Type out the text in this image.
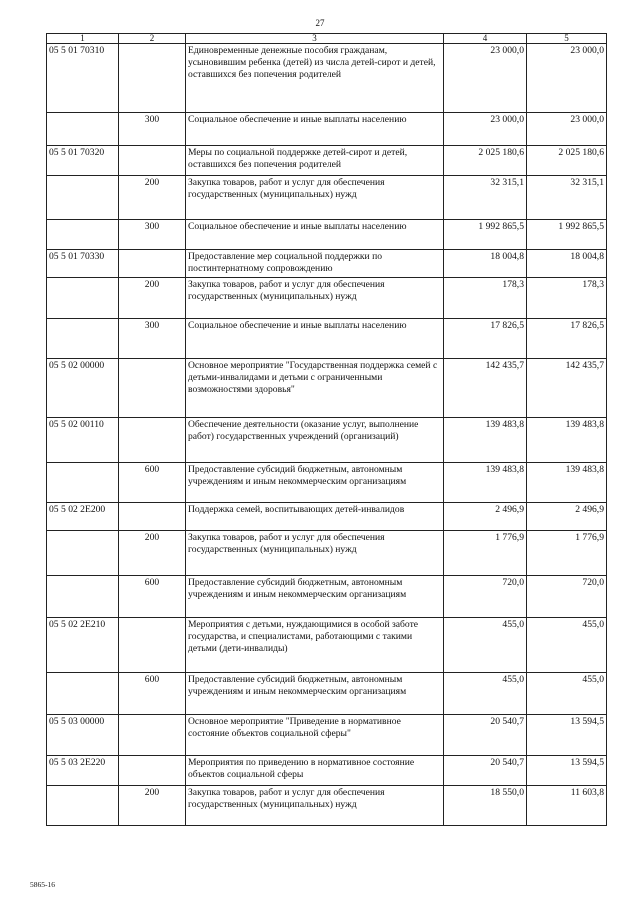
27
1	2	3	4	5
05 5 01 70310		Единовременные денежные пособия гражданам, усыновившим ребенка (детей) из числа детей-сирот и детей, оставшихся без попечения родителей	23 000,0	23 000,0
	300	Социальное обеспечение и иные выплаты населению	23 000,0	23 000,0
05 5 01 70320		Меры по социальной поддержке детей-сирот и детей, оставшихся без попечения родителей	2 025 180,6	2 025 180,6
	200	Закупка товаров, работ и услуг для обеспечения государственных (муниципальных) нужд	32 315,1	32 315,1
	300	Социальное обеспечение и иные выплаты населению	1 992 865,5	1 992 865,5
05 5 01 70330		Предоставление мер социальной поддержки по постинтернатному сопровождению	18 004,8	18 004,8
	200	Закупка товаров, работ и услуг для обеспечения государственных (муниципальных) нужд	178,3	178,3
	300	Социальное обеспечение и иные выплаты населению	17 826,5	17 826,5
05 5 02 00000		Основное мероприятие "Государственная поддержка семей с детьми-инвалидами и детьми с ограниченными возможностями здоровья"	142 435,7	142 435,7
05 5 02 00110		Обеспечение деятельности (оказание услуг, выполнение работ) государственных учреждений (организаций)	139 483,8	139 483,8
	600	Предоставление субсидий бюджетным, автономным учреждениям и иным некоммерческим организациям	139 483,8	139 483,8
05 5 02 2E200		Поддержка семей, воспитывающих детей-инвалидов	2 496,9	2 496,9
	200	Закупка товаров, работ и услуг для обеспечения государственных (муниципальных) нужд	1 776,9	1 776,9
	600	Предоставление субсидий бюджетным, автономным учреждениям и иным некоммерческим организациям	720,0	720,0
05 5 02 2E210		Мероприятия с детьми, нуждающимися в особой заботе государства, и специалистами, работающими с такими детьми (дети-инвалиды)	455,0	455,0
	600	Предоставление субсидий бюджетным, автономным учреждениям и иным некоммерческим организациям	455,0	455,0
05 5 03 00000		Основное мероприятие "Приведение в нормативное состояние объектов социальной сферы"	20 540,7	13 594,5
05 5 03 2E220		Мероприятия по приведению в нормативное состояние объектов социальной сферы	20 540,7	13 594,5
	200	Закупка товаров, работ и услуг для обеспечения государственных (муниципальных) нужд	18 550,0	11 603,8
5865-16
